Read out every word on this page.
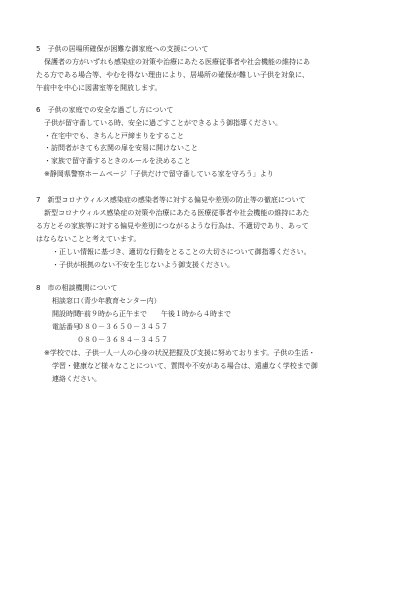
5　子供の居場所確保が困難な御家庭への支援について
保護者の方がいずれも感染症の対策や治療にあたる医療従事者や社会機能の維持にあ
たる方である場合等、やむを得ない理由により、居場所の確保が難しい子供を対象に、
午前中を中心に図書室等を開放します。
6　子供の家庭での安全な過ごし方について
子供が留守番している時、安全に過ごすことができるよう御指導ください。
・在宅中でも、きちんと戸締まりをすること
・訪問者がきても玄関の扉を安易に開けないこと
・家族で留守番するときのルールを決めること
※静岡県警察ホームページ「子供だけで留守番している家を守ろう」より
7　新型コロナウィルス感染症の感染者等に対する偏見や差別の防止等の徹底について
新型コロナウィルス感染症の対策や治療にあたる医療従事者や社会機能の維持にあた
る方とその家族等に対する偏見や差別につながるような行為は、不適切であり、あって
はならないことと考えています。
・正しい情報に基づき、適切な行動をとることの大切さについて御指導ください。
・子供が根拠のない不安を生じないよう御支援ください。
8　市の相談機関について
相談窓口
（青少年教育センター内）
開設時間
午前９時から正午まで　　午後１時から４時まで
電話番号
０８０－３６５０－３４５７
０８０－３６８４－３４５７
※学校では、子供一人一人の心身の状況把握及び支援に努めております。子供の生活・
学習・健康など様々なことについて、質問や不安がある場合は、遠慮なく学校まで御
連絡ください。
